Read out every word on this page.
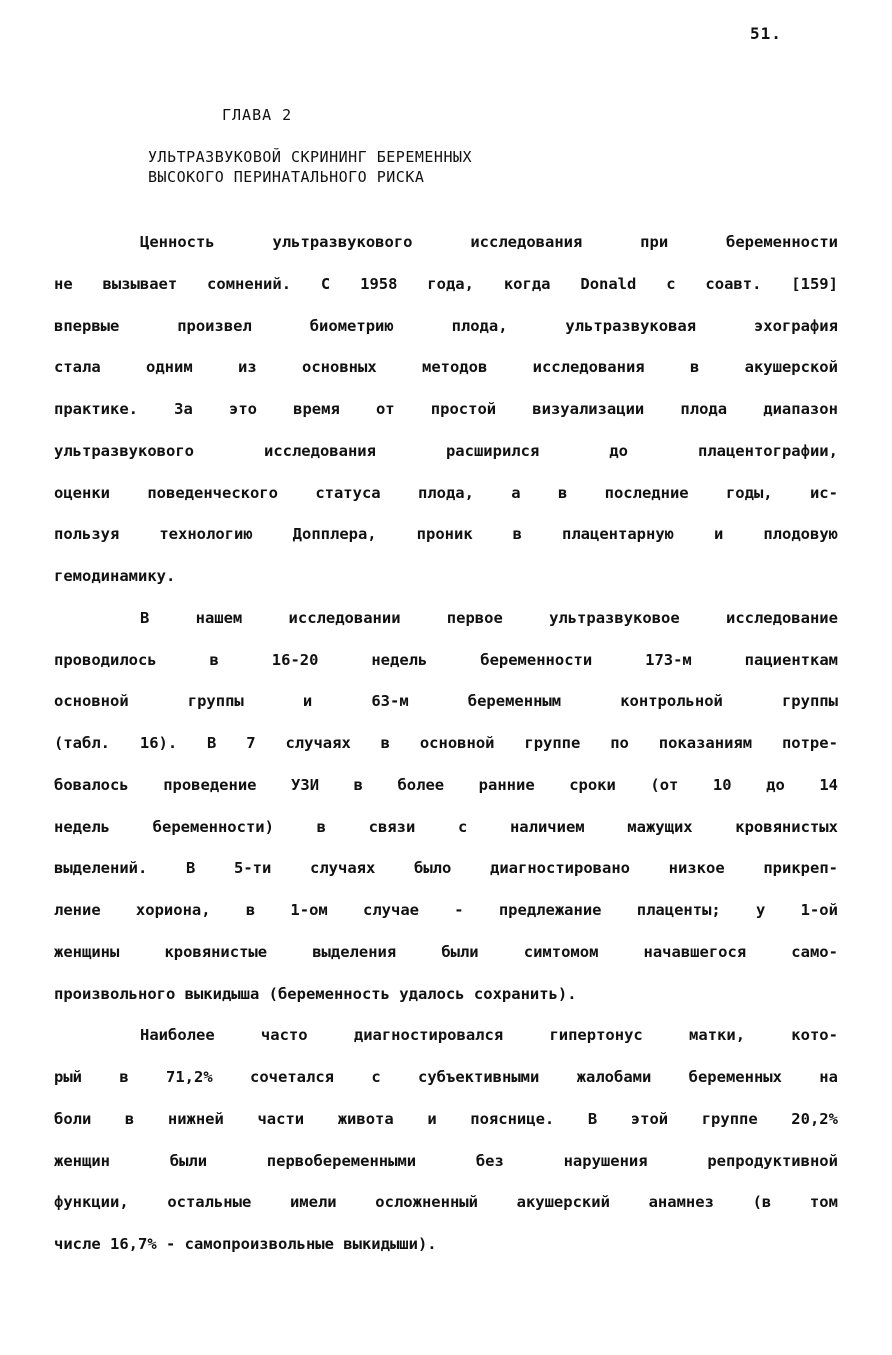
51.
ГЛАВА 2
УЛЬТРАЗВУКОВОЙ СКРИНИНГ БЕРЕМЕННЫХ
ВЫСОКОГО ПЕРИНАТАЛЬНОГО РИСКА
Ценность	ультразвукового	исследования	при	беременности
не вызывает сомнений. С 1958 года, когда Donald с соавт. [159]
впервые	произвел	биометрию	плода,	ультразвуковая	эхография
стала	одним	из	основных	методов	исследования	в	акушерской
практике. За это время от простой визуализации плода диапазон
ультразвукового	исследования	расширился	до	плацентографии,
оценки поведенческого статуса плода, а в последние годы, ис-
пользуя	технологию	Допплера,	проник	в	плацентарную	и	плодовую
гемодинамику.
В	нашем	исследовании	первое	ультразвуковое	исследование
проводилось	в	16-20	недель	беременности	173-м	пациенткам
основной	группы	и	63-м	беременным	контрольной	группы
(табл. 16). В 7 случаях в основной группе по показаниям потре-
бовалось проведение УЗИ в более ранние сроки (от 10 до 14
недель	беременности)	в	связи	с	наличием	мажущих	кровянистых
выделений. В 5-ти случаях было диагностировано низкое прикреп-
ление хориона, в 1-ом случае - предлежание плаценты; у 1-ой
женщины	кровянистые	выделения	были	симтомом	начавшегося	само-
произвольного выкидыша (беременность удалось сохранить).
Наиболее	часто	диагностировался	гипертонус	матки,	кото-
рый в 71,2% сочетался с субъективными жалобами беременных на
боли в нижней части живота и пояснице. В этой группе 20,2%
женщин	были	первобеременными	без	нарушения	репродуктивной
функции, остальные имели осложненный акушерский анамнез (в том
числе 16,7% - самопроизвольные выкидыши).
